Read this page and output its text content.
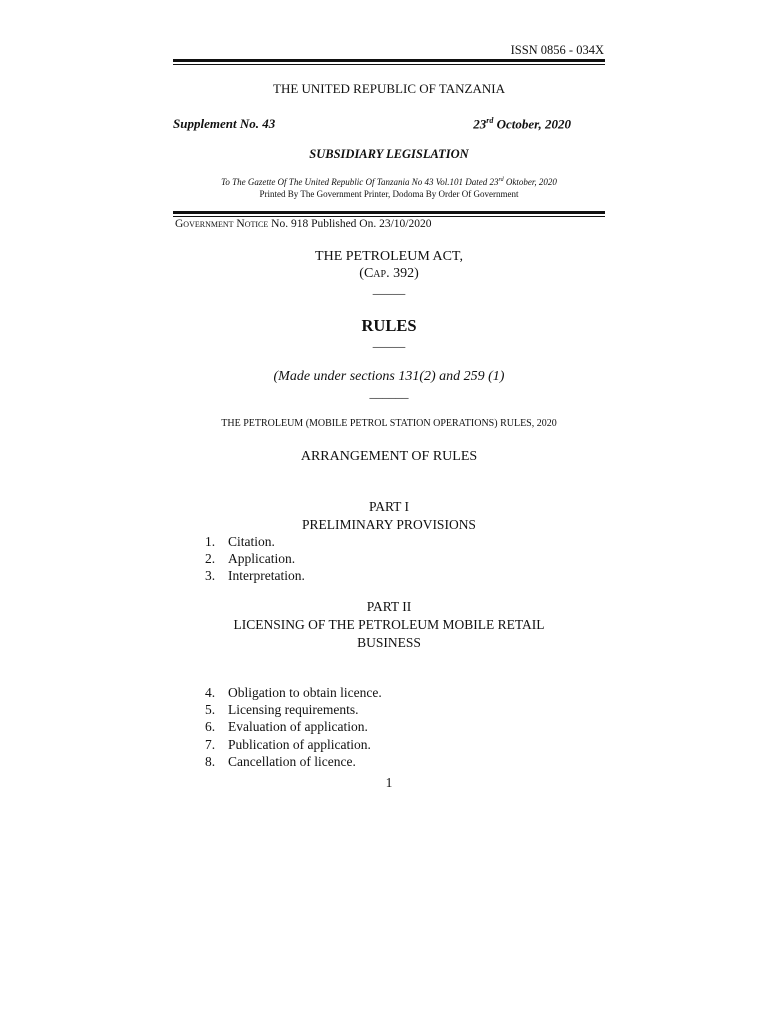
ISSN 0856 - 034X
THE UNITED REPUBLIC OF TANZANIA
Supplement No. 43	23rd October, 2020
SUBSIDIARY LEGISLATION
To The Gazette Of The United Republic Of Tanzania No 43 Vol.101 Dated 23rd Oktober, 2020
Printed By The Government Printer, Dodoma By Order Of Government
Government Notice No. 918 Published On. 23/10/2020
THE PETROLEUM ACT,
(Cap. 392)
_____
RULES
_____
(Made under sections 131(2) and 259 (1)
______
THE PETROLEUM (MOBILE PETROL STATION OPERATIONS) RULES, 2020
ARRANGEMENT OF RULES
PART I
PRELIMINARY PROVISIONS
1. Citation.
2. Application.
3. Interpretation.
PART II
LICENSING OF THE PETROLEUM MOBILE RETAIL
BUSINESS
4. Obligation to obtain licence.
5. Licensing requirements.
6. Evaluation of application.
7. Publication of application.
8. Cancellation of licence.
1
